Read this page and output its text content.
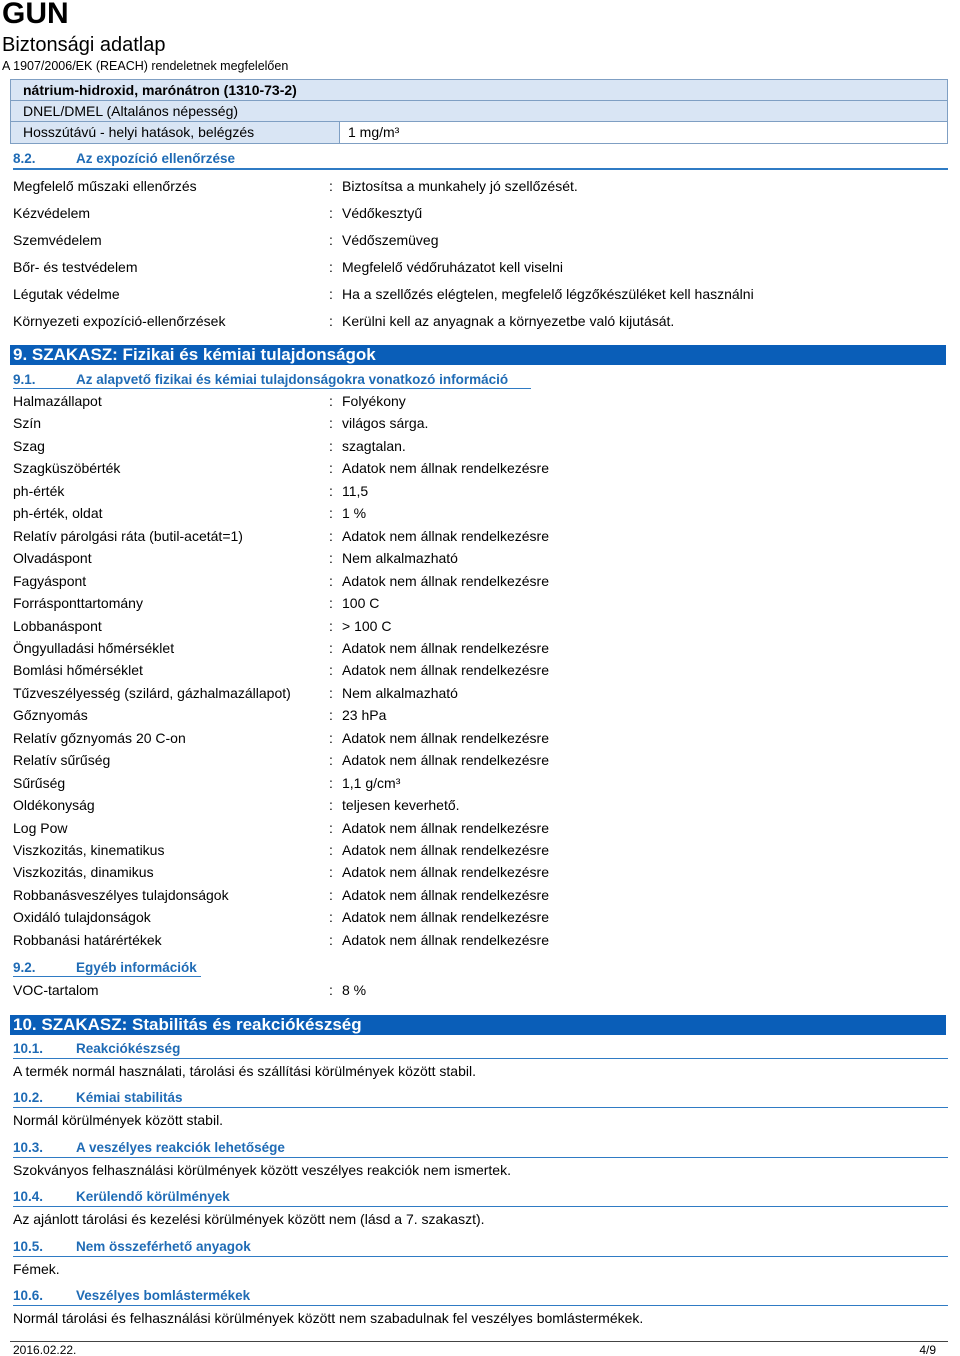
GUN
Biztonsági adatlap
A 1907/2006/EK (REACH) rendeletnek megfelelően
nátrium-hidroxid, marónátron (1310-73-2)
DNEL/DMEL (Altalános népesség)
Hosszútávú - helyi hatások, belégzés	1 mg/m³
8.2.	Az expozíció ellenőrzése
Megfelelő műszaki ellenőrzés	: Biztosítsa a munkahely jó szellőzését.
Kézvédelem	: Védőkesztyű
Szemvédelem	: Védőszemüveg
Bőr- és testvédelem	: Megfelelő védőruházatot kell viselni
Légutak védelme	: Ha a szellőzés elégtelen, megfelelő légzőkészüléket kell használni
Környezeti expozíció-ellenőrzések	: Kerülni kell az anyagnak a környezetbe való kijutását.
9. SZAKASZ: Fizikai és kémiai tulajdonságok
9.1.	Az alapvető fizikai és kémiai tulajdonságokra vonatkozó információ
Halmazállapot	: Folyékony
Szín	: világos sárga.
Szag	: szagtalan.
Szagküszöbérték	: Adatok nem állnak rendelkezésre
ph-érték	: 11,5
ph-érték, oldat	: 1 %
Relatív párolgási ráta (butil-acetát=1)	: Adatok nem állnak rendelkezésre
Olvadáspont	: Nem alkalmazható
Fagyáspont	: Adatok nem állnak rendelkezésre
Forrásponttartomány	: 100 C
Lobbanáspont	: > 100 C
Öngyulladási hőmérséklet	: Adatok nem állnak rendelkezésre
Bomlási hőmérséklet	: Adatok nem állnak rendelkezésre
Tűzveszélyesség (szilárd, gázhalmazállapot)	: Nem alkalmazható
Gőznyomás	: 23 hPa
Relatív gőznyomás 20 C-on	: Adatok nem állnak rendelkezésre
Relatív sűrűség	: Adatok nem állnak rendelkezésre
Sűrűség	: 1,1 g/cm³
Oldékonyság	: teljesen keverhető.
Log Pow	: Adatok nem állnak rendelkezésre
Viszkozitás, kinematikus	: Adatok nem állnak rendelkezésre
Viszkozitás, dinamikus	: Adatok nem állnak rendelkezésre
Robbanásveszélyes tulajdonságok	: Adatok nem állnak rendelkezésre
Oxidáló tulajdonságok	: Adatok nem állnak rendelkezésre
Robbanási határértékek	: Adatok nem állnak rendelkezésre
9.2.	Egyéb információk
VOC-tartalom	: 8 %
10. SZAKASZ: Stabilitás és reakciókészség
10.1. Reakciókészség
A termék normál használati, tárolási és szállítási körülmények között stabil.
10.2. Kémiai stabilitás
Normál körülmények között stabil.
10.3. A veszélyes reakciók lehetősége
Szokványos felhasználási körülmények között veszélyes reakciók nem ismertek.
10.4. Kerülendő körülmények
Az ajánlott tárolási és kezelési körülmények között nem (lásd a 7. szakaszt).
10.5. Nem összeférhető anyagok
Fémek.
10.6. Veszélyes bomlástermékek
Normál tárolási és felhasználási körülmények között nem szabadulnak fel veszélyes bomlástermékek.
2016.02.22.	4/9
